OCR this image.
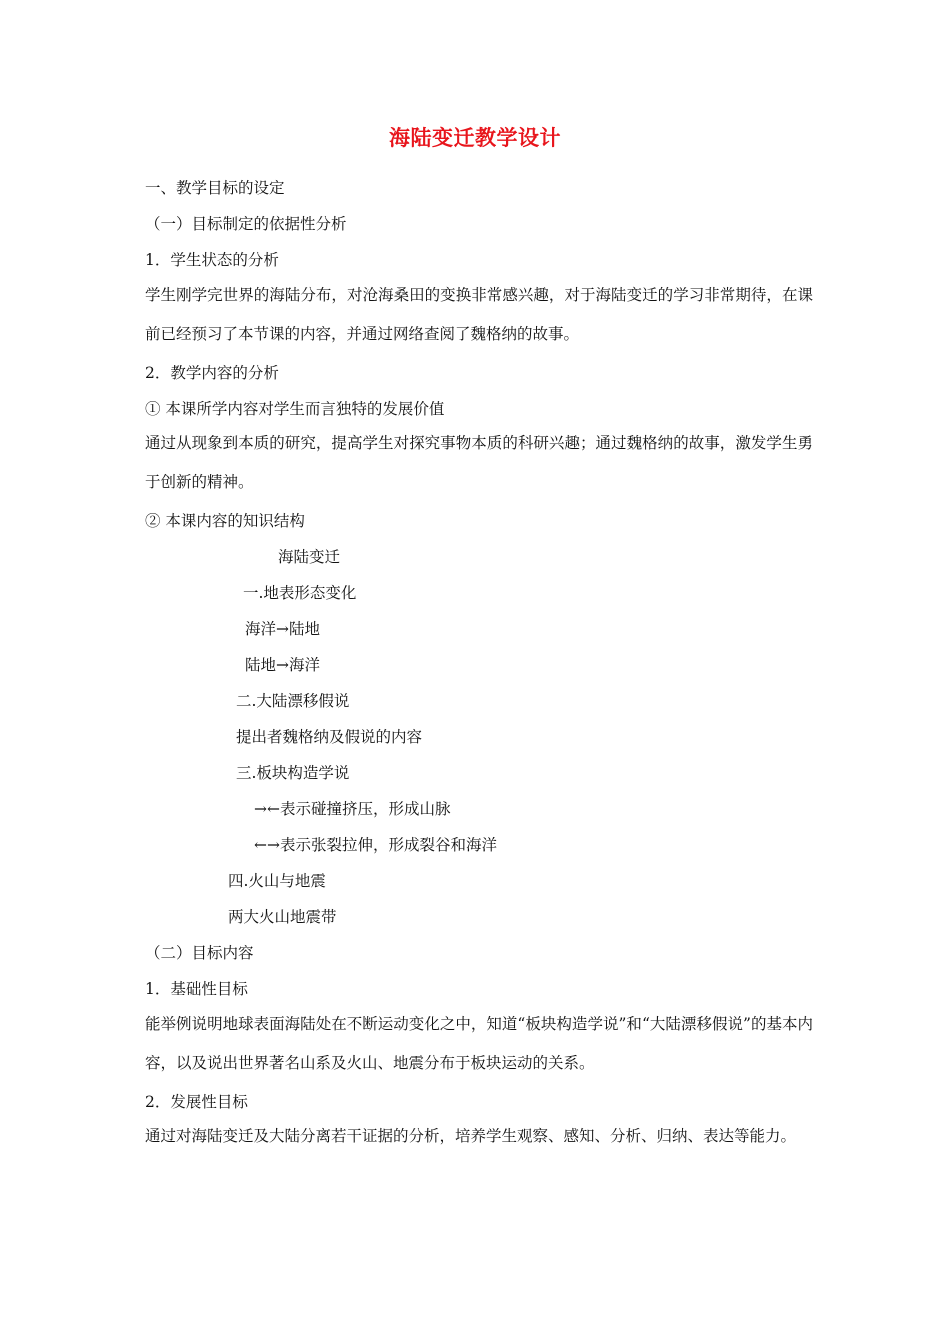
海陆变迁教学设计
一、教学目标的设定
（一）目标制定的依据性分析
1．学生状态的分析
学生刚学完世界的海陆分布，对沧海桑田的变换非常感兴趣，对于海陆变迁的学习非常期待，在课前已经预习了本节课的内容，并通过网络查阅了魏格纳的故事。
2．教学内容的分析
① 本课所学内容对学生而言独特的发展价值
通过从现象到本质的研究，提高学生对探究事物本质的科研兴趣；通过魏格纳的故事，激发学生勇于创新的精神。
② 本课内容的知识结构
海陆变迁
一.地表形态变化
海洋→陆地
陆地→海洋
二.大陆漂移假说
提出者魏格纳及假说的内容
三.板块构造学说
→←表示碰撞挤压，形成山脉
←→表示张裂拉伸，形成裂谷和海洋
四.火山与地震
两大火山地震带
（二）目标内容
1．基础性目标
能举例说明地球表面海陆处在不断运动变化之中，知道“板块构造学说”和“大陆漂移假说”的基本内容，以及说出世界著名山系及火山、地震分布于板块运动的关系。
2．发展性目标
通过对海陆变迁及大陆分离若干证据的分析，培养学生观察、感知、分析、归纳、表达等能力。
